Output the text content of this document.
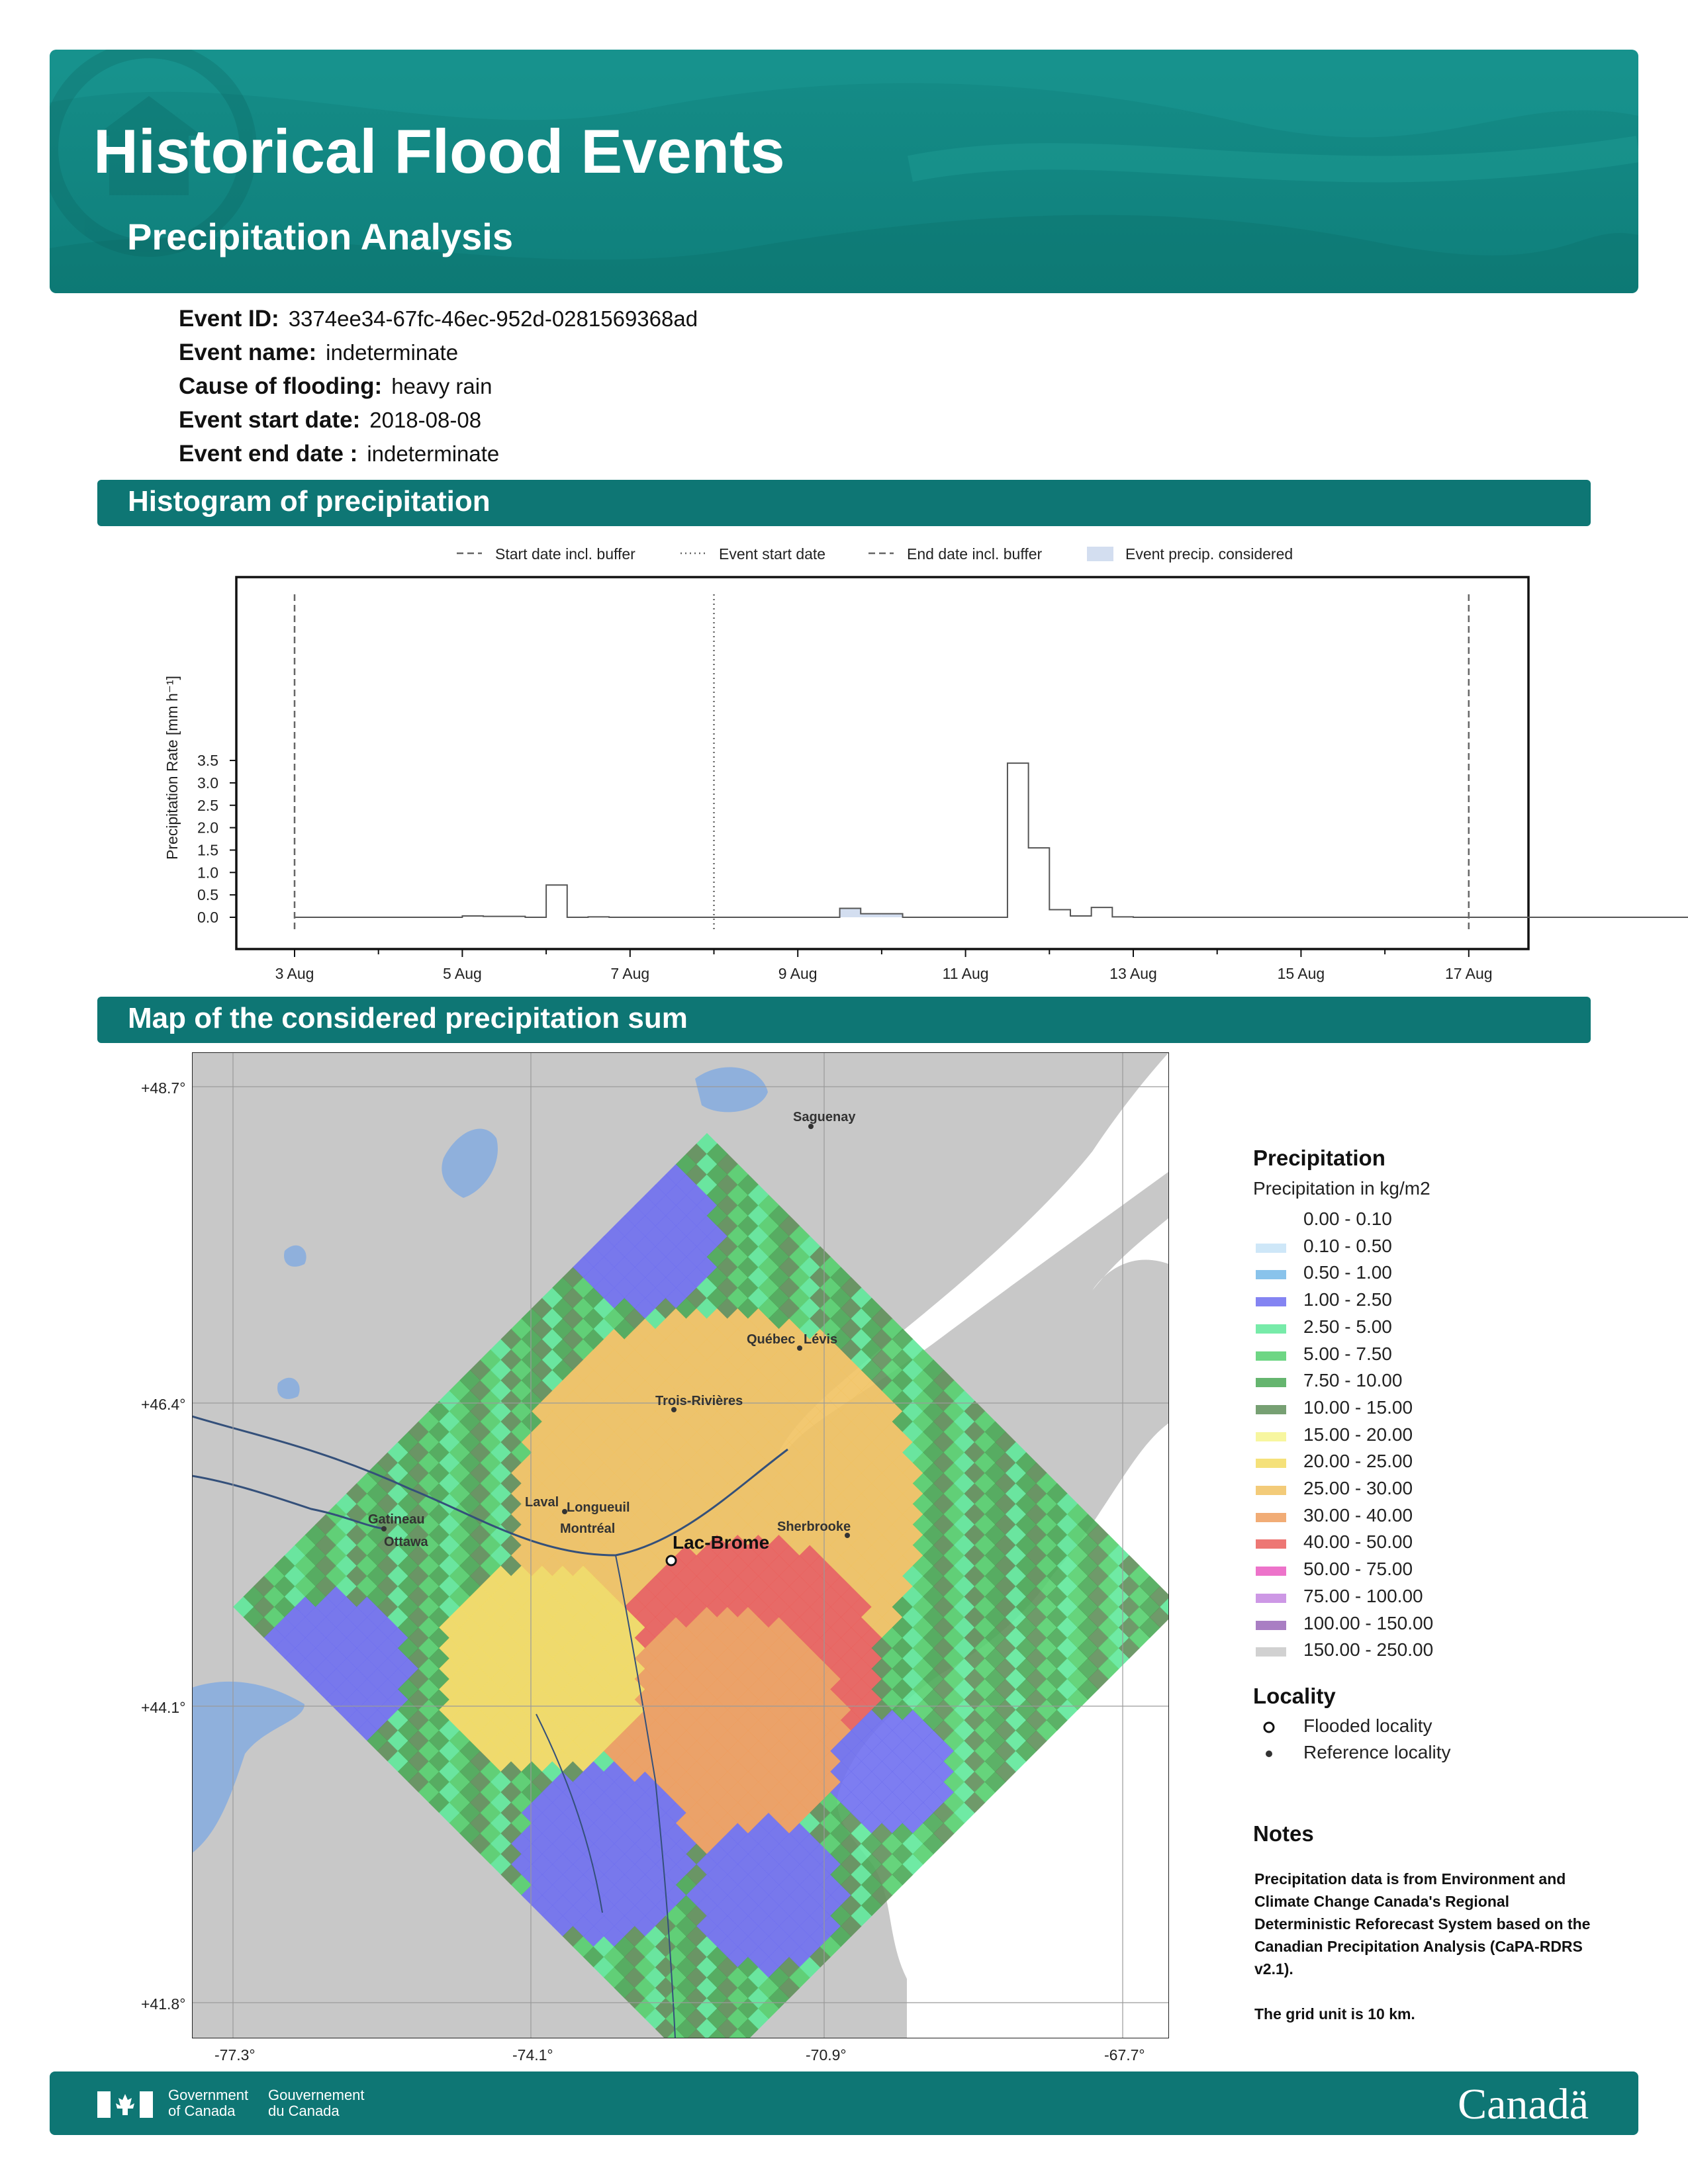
Historical Flood Events
Precipitation Analysis
Event ID: 3374ee34-67fc-46ec-952d-0281569368ad
Event name: indeterminate
Cause of flooding: heavy rain
Event start date: 2018-08-08
Event end date : indeterminate
Histogram of precipitation
Start date incl. buffer	Event start date	End date incl. buffer	Event precip. considered
0.0
0.5
1.0
1.5
2.0
2.5
3.0
3.5
3 Aug	5 Aug	7 Aug	9 Aug	11 Aug	13 Aug	15 Aug	17 Aug
Precipitation Rate [mm h⁻¹]
Map of the considered precipitation sum
Saguenay
Québec Lévis
Trois-Rivières
Laval Longueuil
Montréal
Gatineau
Ottawa
Sherbrooke
Lac-Brome
+48.7°
+46.4°
+44.1°
+41.8°
-77.3°	-74.1°	-70.9°	-67.7°
Precipitation
Precipitation in kg/m2
0.00 - 0.10
0.10 - 0.50
0.50 - 1.00
1.00 - 2.50
2.50 - 5.00
5.00 - 7.50
7.50 - 10.00
10.00 - 15.00
15.00 - 20.00
20.00 - 25.00
25.00 - 30.00
30.00 - 40.00
40.00 - 50.00
50.00 - 75.00
75.00 - 100.00
100.00 - 150.00
150.00 - 250.00
Locality
Flooded locality
Reference locality
Notes
Precipitation data is from Environment and Climate Change Canada's Regional Deterministic Reforecast System based on the Canadian Precipitation Analysis (CaPA-RDRS v2.1).
The grid unit is 10 km.
Government
of Canada
Gouvernement
du Canada	Canadä
